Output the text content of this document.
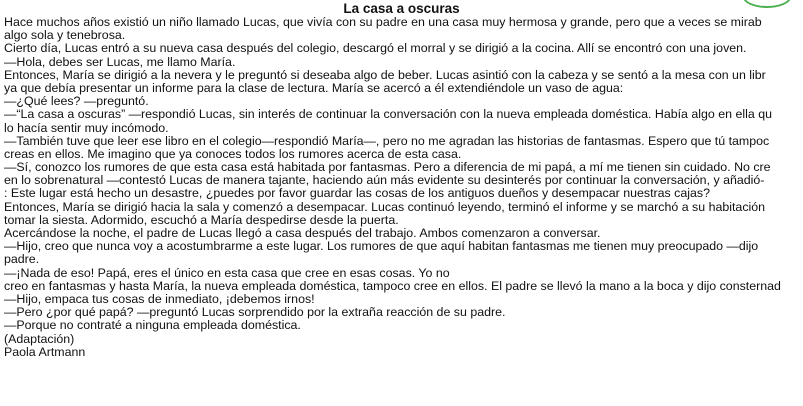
La casa a oscuras
Hace muchos años existió un niño llamado Lucas, que vivía con su padre en una casa muy hermosa y grande, pero que a veces se mirab
algo sola y tenebrosa.
Cierto día, Lucas entró a su nueva casa después del colegio, descargó el morral y se dirigió a la cocina. Allí se encontró con una joven.
—Hola, debes ser Lucas, me llamo María.
Entonces, María se dirigió a la nevera y le preguntó si deseaba algo de beber. Lucas asintió con la cabeza y se sentó a la mesa con un libr
ya que debía presentar un informe para la clase de lectura. María se acercó a él extendiéndole un vaso de agua:
—¿Qué lees? —preguntó.
—“La casa a oscuras” —respondió Lucas, sin interés de continuar la conversación con la nueva empleada doméstica. Había algo en ella qu
lo hacía sentir muy incómodo.
—También tuve que leer ese libro en el colegio—respondió María—, pero no me agradan las historias de fantasmas. Espero que tú tampoc
creas en ellos. Me imagino que ya conoces todos los rumores acerca de esta casa.
—Sí, conozco los rumores de que esta casa está habitada por fantasmas. Pero a diferencia de mi papá, a mí me tienen sin cuidado. No cre
en lo sobrenatural —contestó Lucas de manera tajante, haciendo aún más evidente su desinterés por continuar la conversación, y añadió-
: Este lugar está hecho un desastre, ¿puedes por favor guardar las cosas de los antiguos dueños y desempacar nuestras cajas?
Entonces, María se dirigió hacia la sala y comenzó a desempacar. Lucas continuó leyendo, terminó el informe y se marchó a su habitación
tomar la siesta. Adormido, escuchó a María despedirse desde la puerta.
Acercándose la noche, el padre de Lucas llegó a casa después del trabajo. Ambos comenzaron a conversar.
—Hijo, creo que nunca voy a acostumbrarme a este lugar. Los rumores de que aquí habitan fantasmas me tienen muy preocupado —dijo
padre.
—¡Nada de eso! Papá, eres el único en esta casa que cree en esas cosas. Yo no
creo en fantasmas y hasta María, la nueva empleada doméstica, tampoco cree en ellos. El padre se llevó la mano a la boca y dijo consternad
—Hijo, empaca tus cosas de inmediato, ¡debemos irnos!
—Pero ¿por qué papá? —preguntó Lucas sorprendido por la extraña reacción de su padre.
—Porque no contraté a ninguna empleada doméstica.
(Adaptación)
Paola Artmann
